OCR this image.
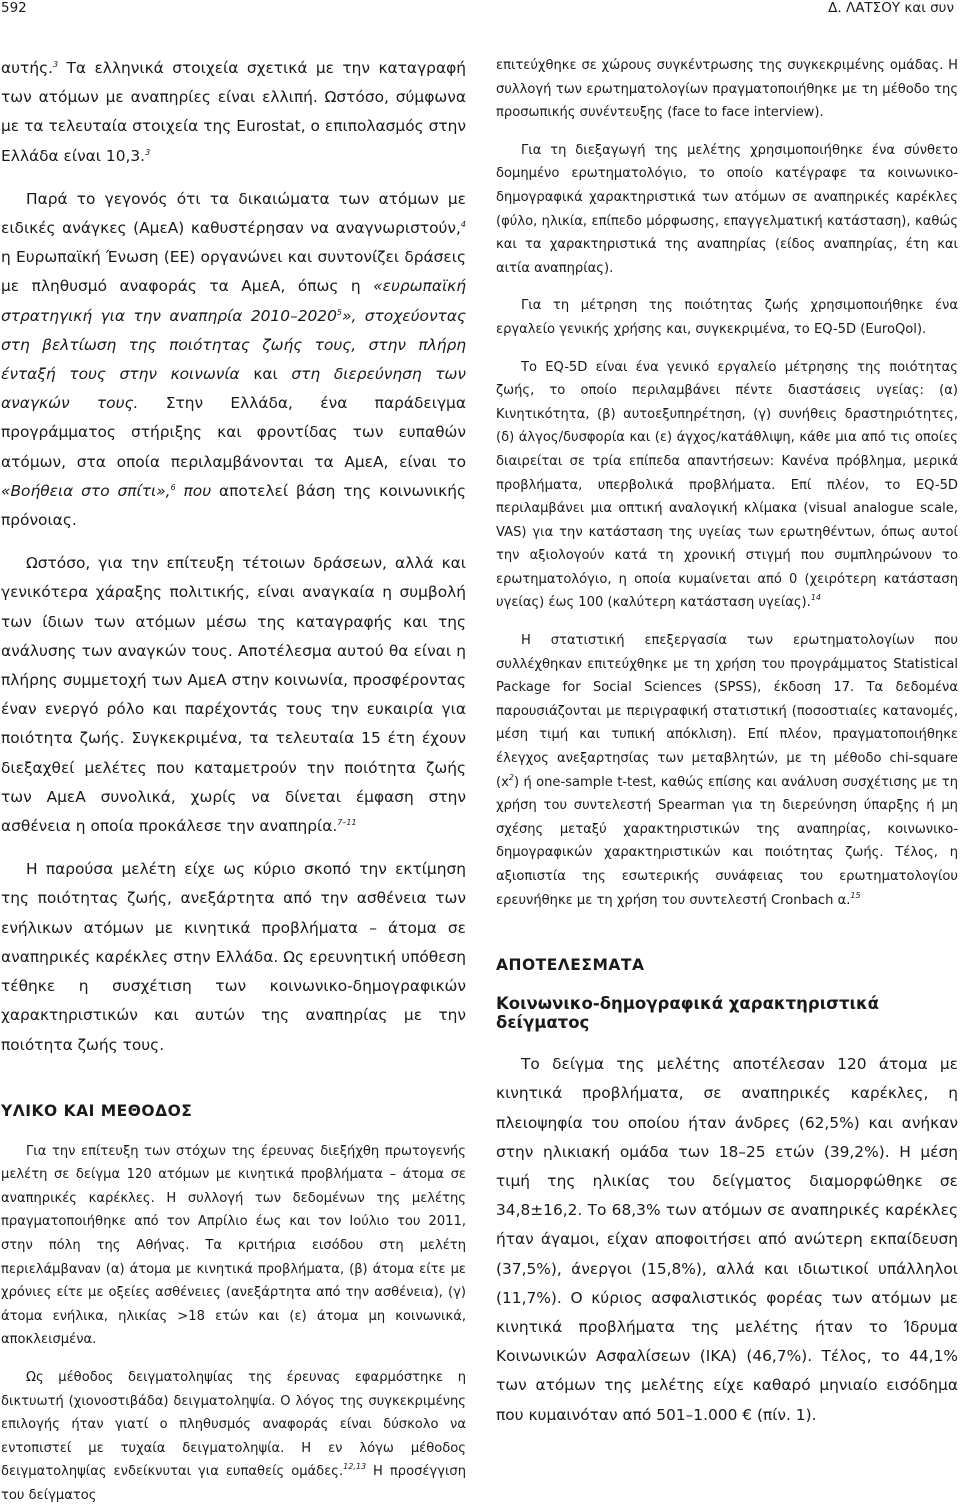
592	Δ. ΛΑΤΣΟΥ και συν

αυτής.$^3$ Τα ελληνικά στοιχεία σχετικά με την καταγραφή των ατόμων με αναπηρίες είναι ελλιπή. Ωστόσο, σύμφωνα με τα τελευταία στοιχεία της Eurostat, ο επιπολασμός στην Ελλάδα είναι 10,3.$^3$

Παρά το γεγονός ότι τα δικαιώματα των ατόμων με ειδικές ανάγκες (ΑμεΑ) καθυστέρησαν να αναγνωριστούν,$^4$ η Ευρωπαϊκή Ένωση (ΕΕ) οργανώνει και συντονίζει δράσεις με πληθυσμό αναφοράς τα ΑμεΑ, όπως η «ευρωπαϊκή στρατηγική για την αναπηρία 2010–2020$^5$», στοχεύοντας στη βελτίωση της ποιότητας ζωής τους, στην πλήρη ένταξή τους στην κοινωνία και στη διερεύνηση των αναγκών τους. Στην Ελλάδα, ένα παράδειγμα προγράμματος στήριξης και φροντίδας των ευπαθών ατόμων, στα οποία περιλαμβάνονται τα ΑμεΑ, είναι το «Βοήθεια στο σπίτι»,$^6$ που αποτελεί βάση της κοινωνικής πρόνοιας.

Ωστόσο, για την επίτευξη τέτοιων δράσεων, αλλά και γενικότερα χάραξης πολιτικής, είναι αναγκαία η συμβολή των ίδιων των ατόμων μέσω της καταγραφής και της ανάλυσης των αναγκών τους. Αποτέλεσμα αυτού θα είναι η πλήρης συμμετοχή των ΑμεΑ στην κοινωνία, προσφέροντας έναν ενεργό ρόλο και παρέχοντάς τους την ευκαιρία για ποιότητα ζωής. Συγκεκριμένα, τα τελευταία 15 έτη έχουν διεξαχθεί μελέτες που καταμετρούν την ποιότητα ζωής των ΑμεΑ συνολικά, χωρίς να δίνεται έμφαση στην ασθένεια η οποία προκάλεσε την αναπηρία.$^{7-11}$

Η παρούσα μελέτη είχε ως κύριο σκοπό την εκτίμηση της ποιότητας ζωής, ανεξάρτητα από την ασθένεια των ενήλικων ατόμων με κινητικά προβλήματα – άτομα σε αναπηρικές καρέκλες στην Ελλάδα. Ως ερευνητική υπόθεση τέθηκε η συσχέτιση των κοινωνικο-δημογραφικών χαρακτηριστικών και αυτών της αναπηρίας με την ποιότητα ζωής τους.

ΥΛΙΚΟ ΚΑΙ ΜΕΘΟΔΟΣ

Για την επίτευξη των στόχων της έρευνας διεξήχθη πρωτογενής μελέτη σε δείγμα 120 ατόμων με κινητικά προβλήματα – άτομα σε αναπηρικές καρέκλες. Η συλλογή των δεδομένων της μελέτης πραγματοποιήθηκε από τον Απρίλιο έως και τον Ιούλιο του 2011, στην πόλη της Αθήνας. Τα κριτήρια εισόδου στη μελέτη περιελάμβαναν (α) άτομα με κινητικά προβλήματα, (β) άτομα είτε με χρόνιες είτε με οξείες ασθένειες (ανεξάρτητα από την ασθένεια), (γ) άτομα ενήλικα, ηλικίας >18 ετών και (ε) άτομα μη κοινωνικά, αποκλεισμένα.

Ως μέθοδος δειγματοληψίας της έρευνας εφαρμόστηκε η δικτυωτή (χιονοστιβάδα) δειγματοληψία. Ο λόγος της συγκεκριμένης επιλογής ήταν γιατί ο πληθυσμός αναφοράς είναι δύσκολο να εντοπιστεί με τυχαία δειγματοληψία. Η εν λόγω μέθοδος δειγματοληψίας ενδείκνυται για ευπαθείς ομάδες.$^{12,13}$ Η προσέγγιση του δείγματος

επιτεύχθηκε σε χώρους συγκέντρωσης της συγκεκριμένης ομάδας. Η συλλογή των ερωτηματολογίων πραγματοποιήθηκε με τη μέθοδο της προσωπικής συνέντευξης (face to face interview).

Για τη διεξαγωγή της μελέτης χρησιμοποιήθηκε ένα σύνθετο δομημένο ερωτηματολόγιο, το οποίο κατέγραφε τα κοινωνικο-δημογραφικά χαρακτηριστικά των ατόμων σε αναπηρικές καρέκλες (φύλο, ηλικία, επίπεδο μόρφωσης, επαγγελματική κατάσταση), καθώς και τα χαρακτηριστικά της αναπηρίας (είδος αναπηρίας, έτη και αιτία αναπηρίας).

Για τη μέτρηση της ποιότητας ζωής χρησιμοποιήθηκε ένα εργαλείο γενικής χρήσης και, συγκεκριμένα, το EQ-5D (EuroQol).

Το EQ-5D είναι ένα γενικό εργαλείο μέτρησης της ποιότητας ζωής, το οποίο περιλαμβάνει πέντε διαστάσεις υγείας: (α) Κινητικότητα, (β) αυτοεξυπηρέτηση, (γ) συνήθεις δραστηριότητες, (δ) άλγος/δυσφορία και (ε) άγχος/κατάθλιψη, κάθε μια από τις οποίες διαιρείται σε τρία επίπεδα απαντήσεων: Κανένα πρόβλημα, μερικά προβλήματα, υπερβολικά προβλήματα. Επί πλέον, το EQ-5D περιλαμβάνει μια οπτική αναλογική κλίμακα (visual analogue scale, VAS) για την κατάσταση της υγείας των ερωτηθέντων, όπως αυτοί την αξιολογούν κατά τη χρονική στιγμή που συμπληρώνουν το ερωτηματολόγιο, η οποία κυμαίνεται από 0 (χειρότερη κατάσταση υγείας) έως 100 (καλύτερη κατάσταση υγείας).$^{14}$

Η στατιστική επεξεργασία των ερωτηματολογίων που συλλέχθηκαν επιτεύχθηκε με τη χρήση του προγράμματος Statistical Package for Social Sciences (SPSS), έκδοση 17. Τα δεδομένα παρουσιάζονται με περιγραφική στατιστική (ποσοστιαίες κατανομές, μέση τιμή και τυπική απόκλιση). Επί πλέον, πραγματοποιήθηκε έλεγχος ανεξαρτησίας των μεταβλητών, με τη μέθοδο chi-square $(x^2)$ ή one-sample t-test, καθώς επίσης και ανάλυση συσχέτισης με τη χρήση του συντελεστή Spearman για τη διερεύνηση ύπαρξης ή μη σχέσης μεταξύ χαρακτηριστικών της αναπηρίας, κοινωνικο-δημογραφικών χαρακτηριστικών και ποιότητας ζωής. Τέλος, η αξιοπιστία της εσωτερικής συνάφειας του ερωτηματολογίου ερευνήθηκε με τη χρήση του συντελεστή Cronbach α.$^{15}$

ΑΠΟΤΕΛΕΣΜΑΤΑ
Κοινωνικο-δημογραφικά χαρακτηριστικά δείγματος

Το δείγμα της μελέτης αποτέλεσαν 120 άτομα με κινητικά προβλήματα, σε αναπηρικές καρέκλες, η πλειοψηφία του οποίου ήταν άνδρες (62,5%) και ανήκαν στην ηλικιακή ομάδα των 18–25 ετών (39,2%). Η μέση τιμή της ηλικίας του δείγματος διαμορφώθηκε σε 34,8±16,2. Το 68,3% των ατόμων σε αναπηρικές καρέκλες ήταν άγαμοι, είχαν αποφοιτήσει από ανώτερη εκπαίδευση (37,5%), άνεργοι (15,8%), αλλά και ιδιωτικοί υπάλληλοι (11,7%). Ο κύριος ασφαλιστικός φορέας των ατόμων με κινητικά προβλήματα της μελέτης ήταν το Ίδρυμα Κοινωνικών Ασφαλίσεων (ΙΚΑ) (46,7%). Τέλος, το 44,1% των ατόμων της μελέτης είχε καθαρό μηνιαίο εισόδημα που κυμαινόταν από 501–1.000 € (πίν. 1).
